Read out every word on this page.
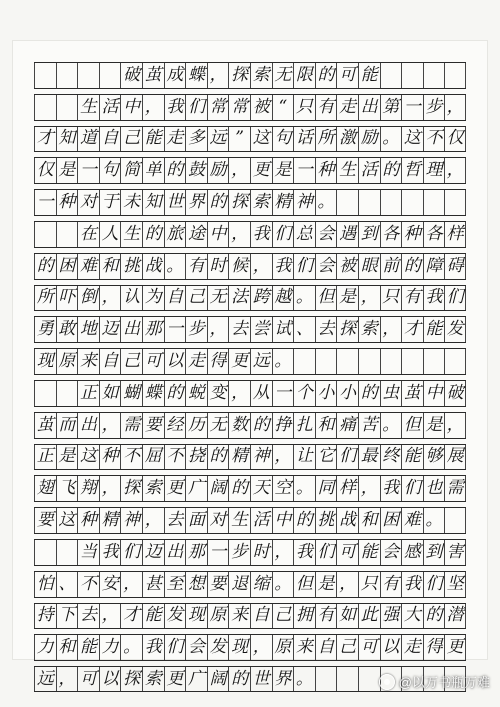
破 茧 成 蝶 ， 探 索 无 限 的 可 能
生 活 中 ， 我 们 常 常 被 “ 只 有 走 出 第 一 步 ，
才 知 道 自 己 能 走 多 远 ” 这 句 话 所 激 励 。 这 不 仅
仅 是 一 句 简 单 的 鼓 励 ， 更 是 一 种 生 活 的 哲 理 ，
一 种 对 于 未 知 世 界 的 探 索 精 神 。
在 人 生 的 旅 途 中 ， 我 们 总 会 遇 到 各 种 各 样
的 困 难 和 挑 战 。 有 时 候 ， 我 们 会 被 眼 前 的 障 碍
所 吓 倒 ， 认 为 自 己 无 法 跨 越 。 但 是 ， 只 有 我 们
勇 敢 地 迈 出 那 一 步 ， 去 尝 试 、 去 探 索 ， 才 能 发
现 原 来 自 己 可 以 走 得 更 远 。
正 如 蝴 蝶 的 蜕 变 ， 从 一 个 小 小 的 虫 茧 中 破
茧 而 出 ， 需 要 经 历 无 数 的 挣 扎 和 痛 苦 。 但 是 ，
正 是 这 种 不 屈 不 挠 的 精 神 ， 让 它 们 最 终 能 够 展
翅 飞 翔 ， 探 索 更 广 阔 的 天 空 。 同 样 ， 我 们 也 需
要 这 种 精 神 ， 去 面 对 生 活 中 的 挑 战 和 困 难 。
当 我 们 迈 出 那 一 步 时 ， 我 们 可 能 会 感 到 害
怕 、 不 安 ， 甚 至 想 要 退 缩 。 但 是 ， 只 有 我 们 坚
持 下 去 ， 才 能 发 现 原 来 自 己 拥 有 如 此 强 大 的 潜
力 和 能 力 。 我 们 会 发 现 ， 原 来 自 己 可 以 走 得 更
远 ， 可 以 探 索 更 广 阔 的 世 界 。	@以万书瓶万难
